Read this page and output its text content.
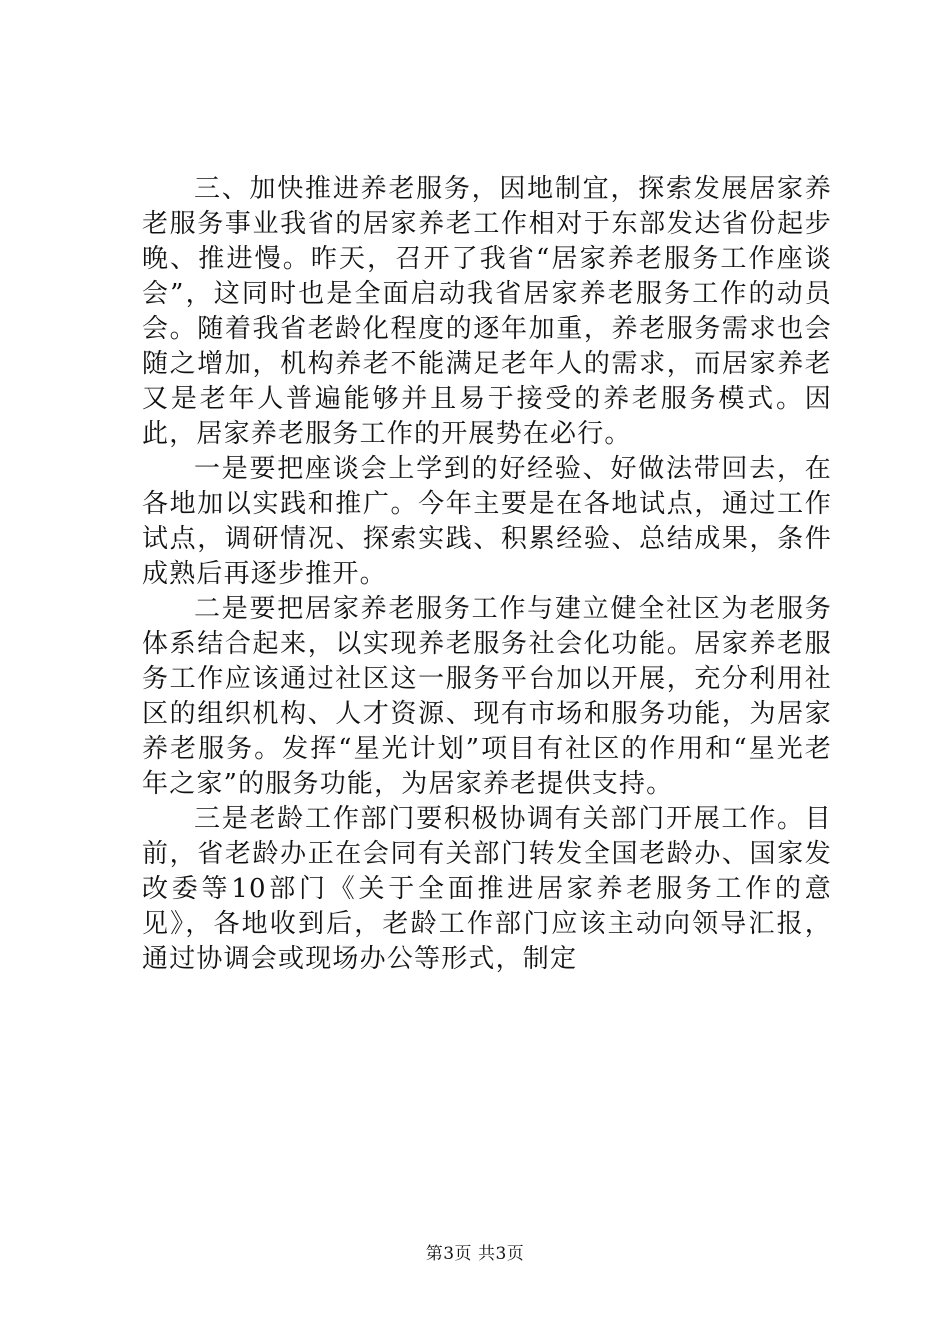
三、加快推进养老服务，因地制宜，探索发展居家养老服务事业我省的居家养老工作相对于东部发达省份起步晚、推进慢。昨天，召开了我省“居家养老服务工作座谈会”，这同时也是全面启动我省居家养老服务工作的动员会。随着我省老龄化程度的逐年加重，养老服务需求也会随之增加，机构养老不能满足老年人的需求，而居家养老又是老年人普遍能够并且易于接受的养老服务模式。因此，居家养老服务工作的开展势在必行。

一是要把座谈会上学到的好经验、好做法带回去，在各地加以实践和推广。今年主要是在各地试点，通过工作试点，调研情况、探索实践、积累经验、总结成果，条件成熟后再逐步推开。

二是要把居家养老服务工作与建立健全社区为老服务体系结合起来，以实现养老服务社会化功能。居家养老服务工作应该通过社区这一服务平台加以开展，充分利用社区的组织机构、人才资源、现有市场和服务功能，为居家养老服务。发挥“星光计划”项目有社区的作用和“星光老年之家”的服务功能，为居家养老提供支持。

三是老龄工作部门要积极协调有关部门开展工作。目前，省老龄办正在会同有关部门转发全国老龄办、国家发改委等10部门《关于全面推进居家养老服务工作的意见》，各地收到后，老龄工作部门应该主动向领导汇报，通过协调会或现场办公等形式，制定

第3页 共3页
